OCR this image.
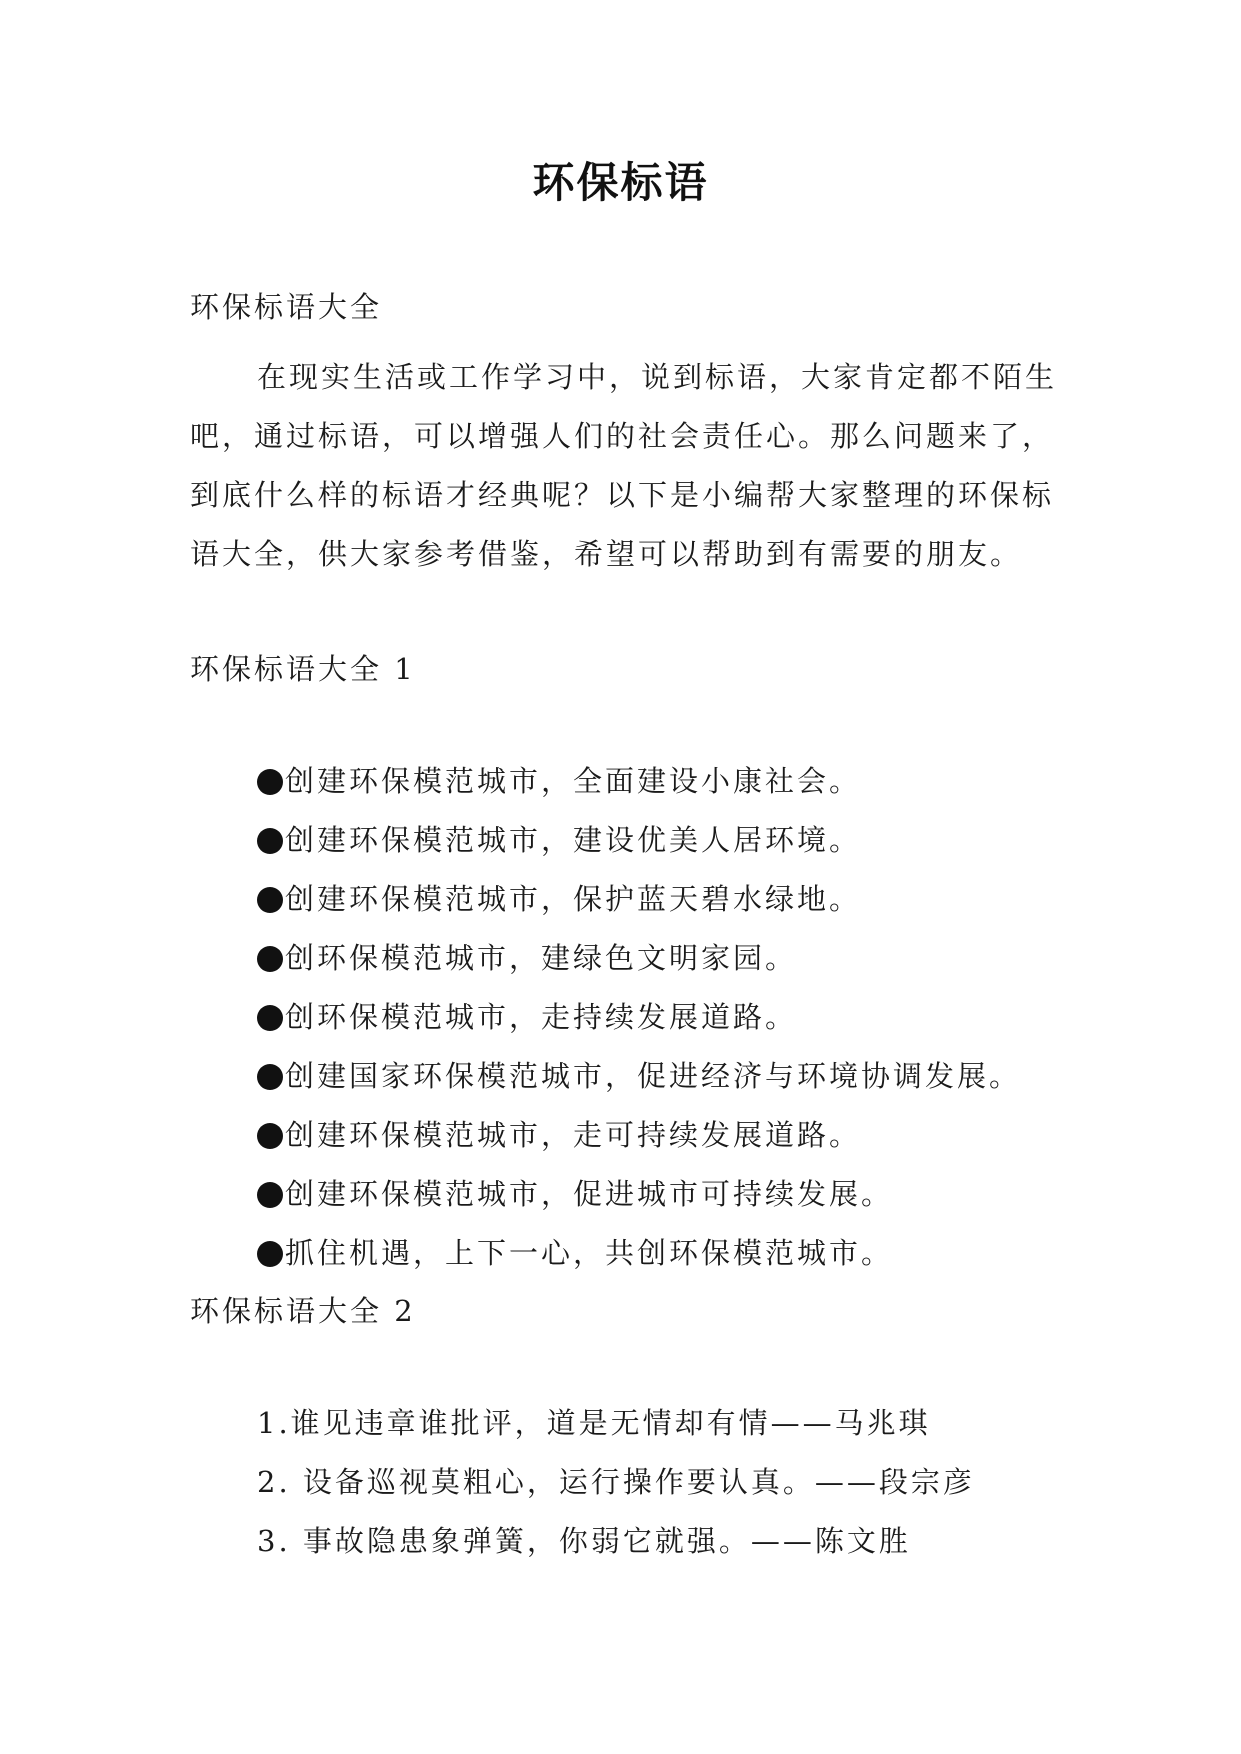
环保标语
环保标语大全
在现实生活或工作学习中，说到标语，大家肯定都不陌生吧，通过标语，可以增强人们的社会责任心。那么问题来了，到底什么样的标语才经典呢？以下是小编帮大家整理的环保标语大全，供大家参考借鉴，希望可以帮助到有需要的朋友。
环保标语大全 1
创建环保模范城市，全面建设小康社会。
创建环保模范城市，建设优美人居环境。
创建环保模范城市，保护蓝天碧水绿地。
创环保模范城市，建绿色文明家园。
创环保模范城市，走持续发展道路。
创建国家环保模范城市，促进经济与环境协调发展。
创建环保模范城市，走可持续发展道路。
创建环保模范城市，促进城市可持续发展。
抓住机遇，上下一心，共创环保模范城市。
环保标语大全 2
1.谁见违章谁批评，道是无情却有情——马兆琪
2. 设备巡视莫粗心，运行操作要认真。——段宗彦
3. 事故隐患象弹簧，你弱它就强。——陈文胜
